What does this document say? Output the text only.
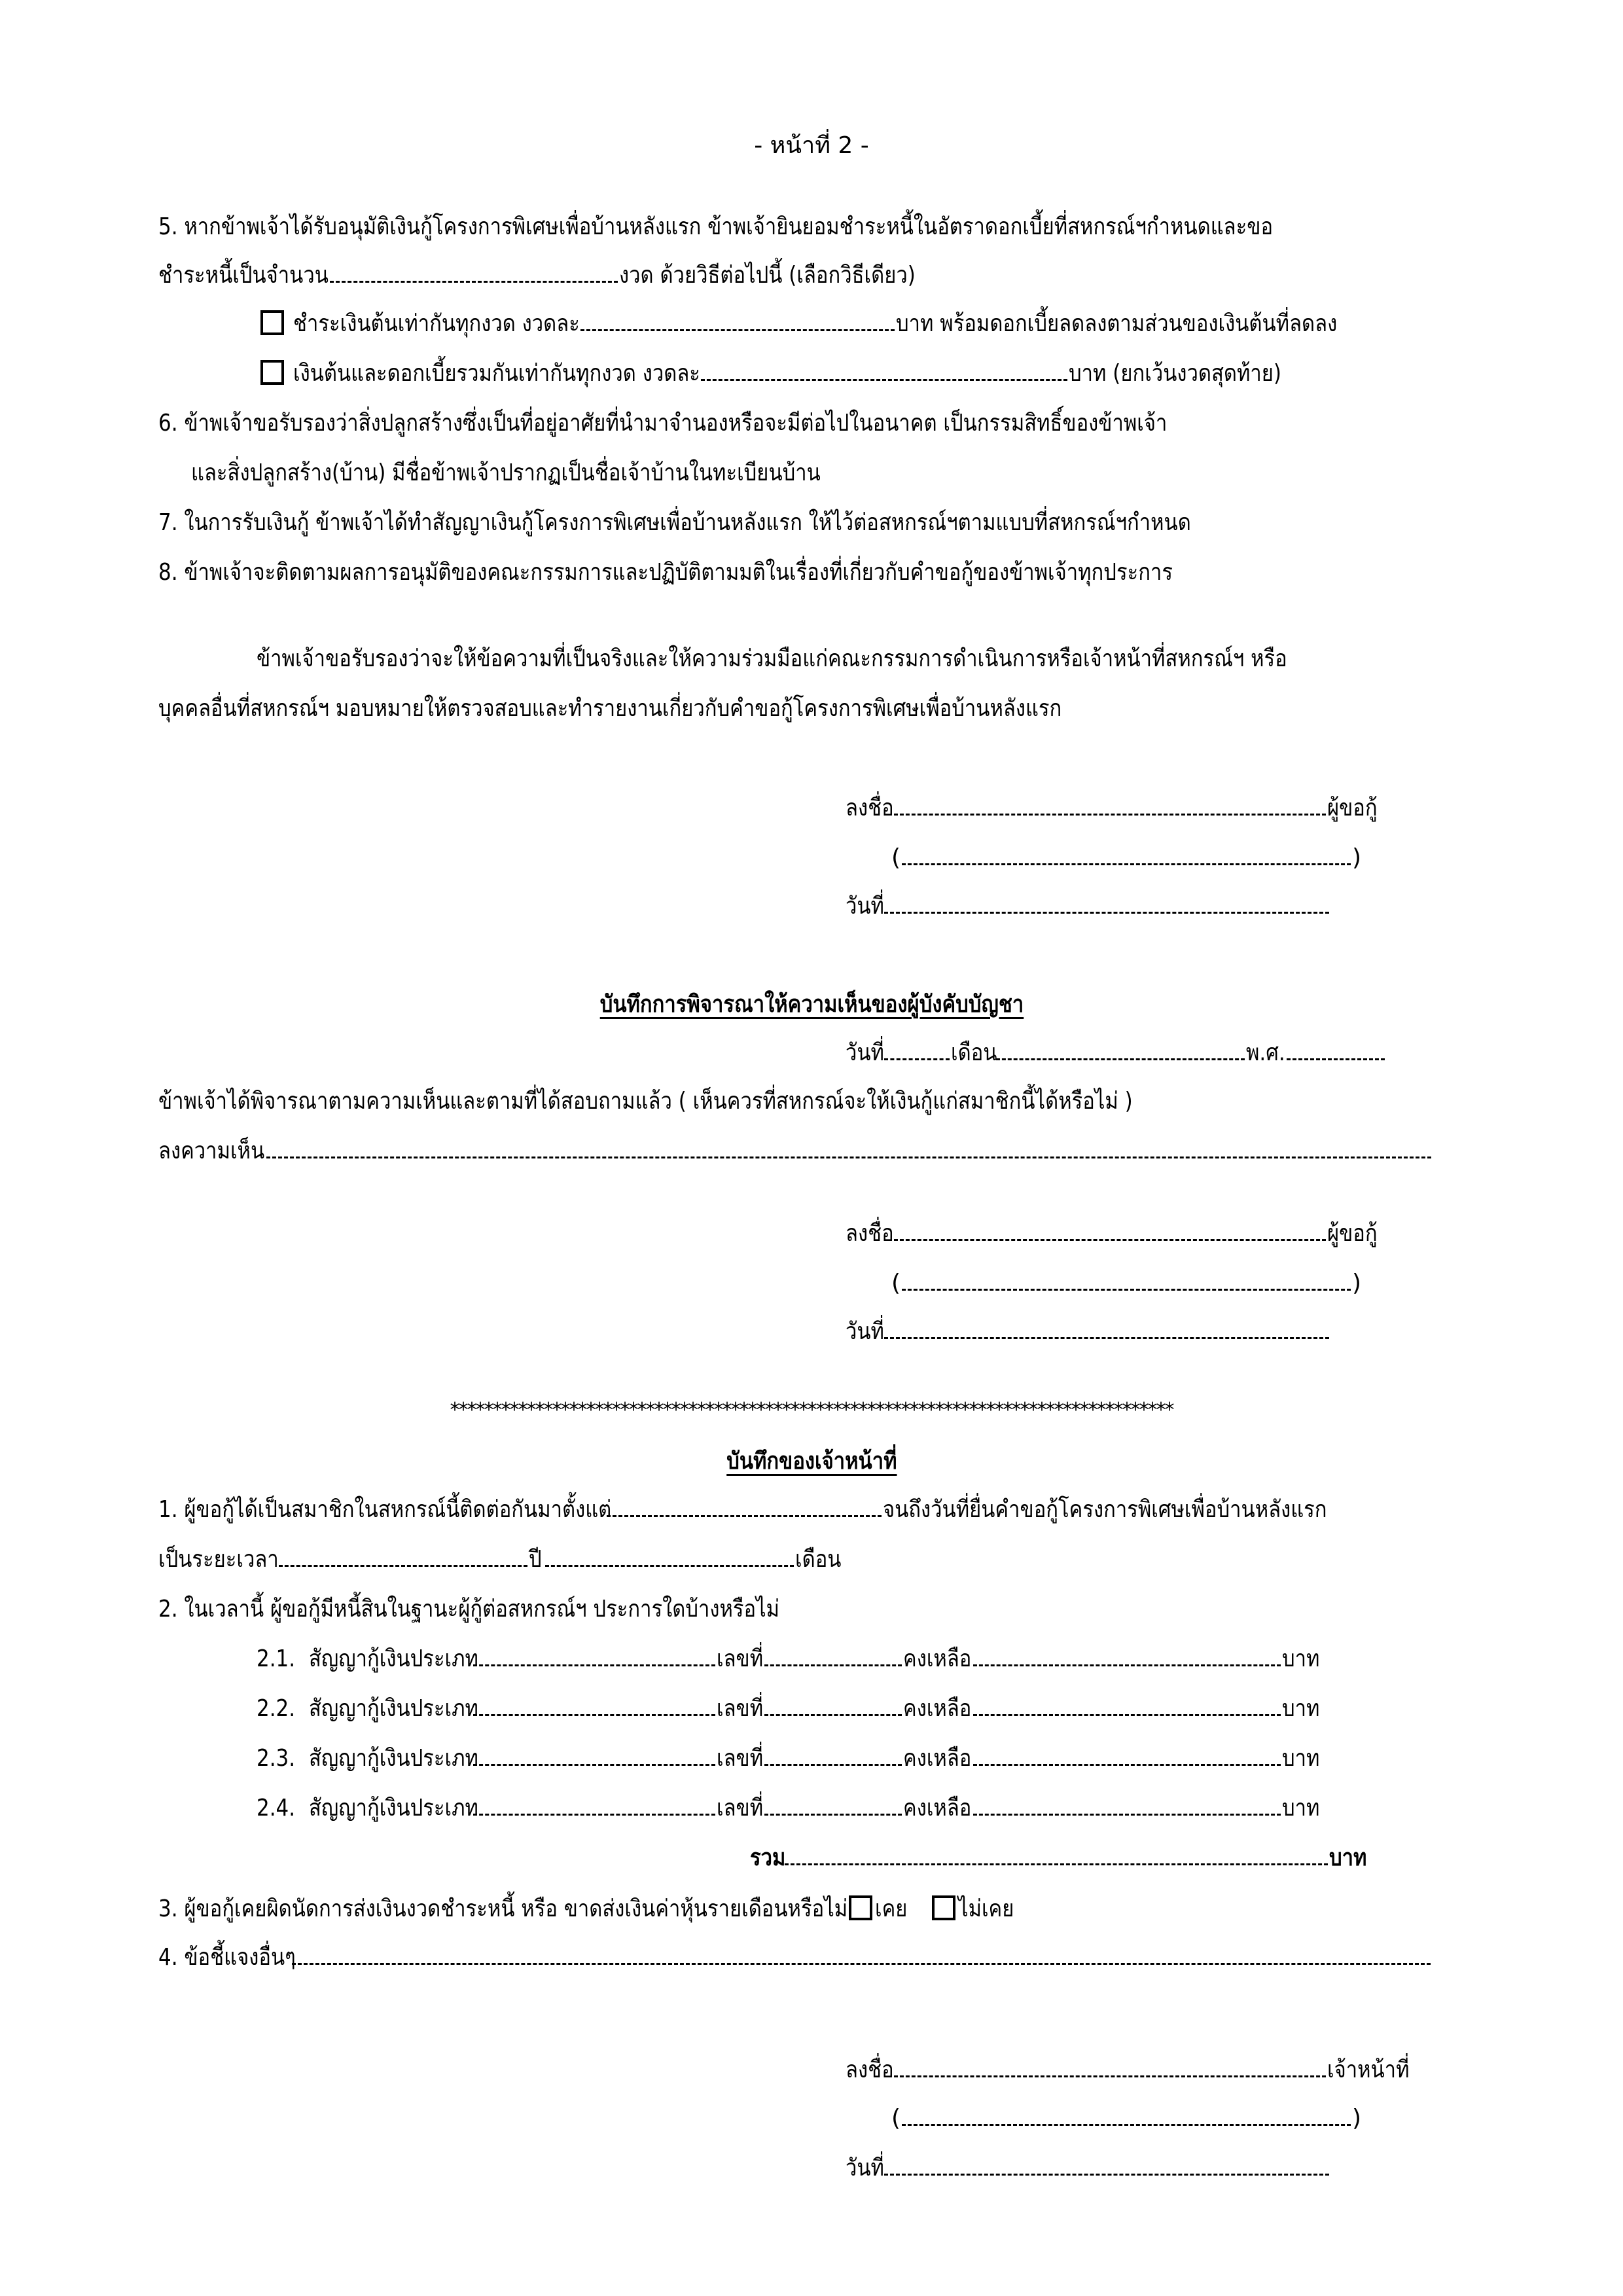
- หน้าที่ 2 -
5. หากข้าพเจ้าได้รับอนุมัติเงินกู้โครงการพิเศษเพื่อบ้านหลังแรก ข้าพเจ้ายินยอมชำระหนี้ในอัตราดอกเบี้ยที่สหกรณ์ฯกำหนดและขอ
ชำระหนี้เป็นจำนวน	งวด ด้วยวิธีต่อไปนี้ (เลือกวิธีเดียว)
ชำระเงินต้นเท่ากันทุกงวด งวดละ	บาท พร้อมดอกเบี้ยลดลงตามส่วนของเงินต้นที่ลดลง
เงินต้นและดอกเบี้ยรวมกันเท่ากันทุกงวด งวดละ	บาท (ยกเว้นงวดสุดท้าย)
6. ข้าพเจ้าขอรับรองว่าสิ่งปลูกสร้างซึ่งเป็นที่อยู่อาศัยที่นำมาจำนองหรือจะมีต่อไปในอนาคต เป็นกรรมสิทธิ์ของข้าพเจ้า
และสิ่งปลูกสร้าง(บ้าน) มีชื่อข้าพเจ้าปรากฏเป็นชื่อเจ้าบ้านในทะเบียนบ้าน
7. ในการรับเงินกู้ ข้าพเจ้าได้ทำสัญญาเงินกู้โครงการพิเศษเพื่อบ้านหลังแรก ให้ไว้ต่อสหกรณ์ฯตามแบบที่สหกรณ์ฯกำหนด
8. ข้าพเจ้าจะติดตามผลการอนุมัติของคณะกรรมการและปฏิบัติตามมติในเรื่องที่เกี่ยวกับคำขอกู้ของข้าพเจ้าทุกประการ
ข้าพเจ้าขอรับรองว่าจะให้ข้อความที่เป็นจริงและให้ความร่วมมือแก่คณะกรรมการดำเนินการหรือเจ้าหน้าที่สหกรณ์ฯ หรือ
บุคคลอื่นที่สหกรณ์ฯ มอบหมายให้ตรวจสอบและทำรายงานเกี่ยวกับคำขอกู้โครงการพิเศษเพื่อบ้านหลังแรก
ลงชื่อ	ผู้ขอกู้
(	)
วันที่
บันทึกการพิจารณาให้ความเห็นของผู้บังคับบัญชา
วันที่	เดือน	พ.ศ.
ข้าพเจ้าได้พิจารณาตามความเห็นและตามที่ได้สอบถามแล้ว ( เห็นควรที่สหกรณ์จะให้เงินกู้แก่สมาชิกนี้ได้หรือไม่ )
ลงความเห็น
ลงชื่อ	ผู้ขอกู้
(	)
วันที่
*************************************************************************************
บันทึกของเจ้าหน้าที่
1. ผู้ขอกู้ได้เป็นสมาชิกในสหกรณ์นี้ติดต่อกันมาตั้งแต่	จนถึงวันที่ยื่นคำขอกู้โครงการพิเศษเพื่อบ้านหลังแรก
เป็นระยะเวลา	ปี	เดือน
2. ในเวลานี้ ผู้ขอกู้มีหนี้สินในฐานะผู้กู้ต่อสหกรณ์ฯ ประการใดบ้างหรือไม่
2.1. สัญญากู้เงินประเภท	เลขที่	คงเหลือ	บาท
2.2. สัญญากู้เงินประเภท	เลขที่	คงเหลือ	บาท
2.3. สัญญากู้เงินประเภท	เลขที่	คงเหลือ	บาท
2.4. สัญญากู้เงินประเภท	เลขที่	คงเหลือ	บาท
รวม	บาท
3. ผู้ขอกู้เคยผิดนัดการส่งเงินงวดชำระหนี้ หรือ ขาดส่งเงินค่าหุ้นรายเดือนหรือไม่ เคย ไม่เคย
4. ข้อชี้แจงอื่นๆ
ลงชื่อ	เจ้าหน้าที่
(	)
วันที่
